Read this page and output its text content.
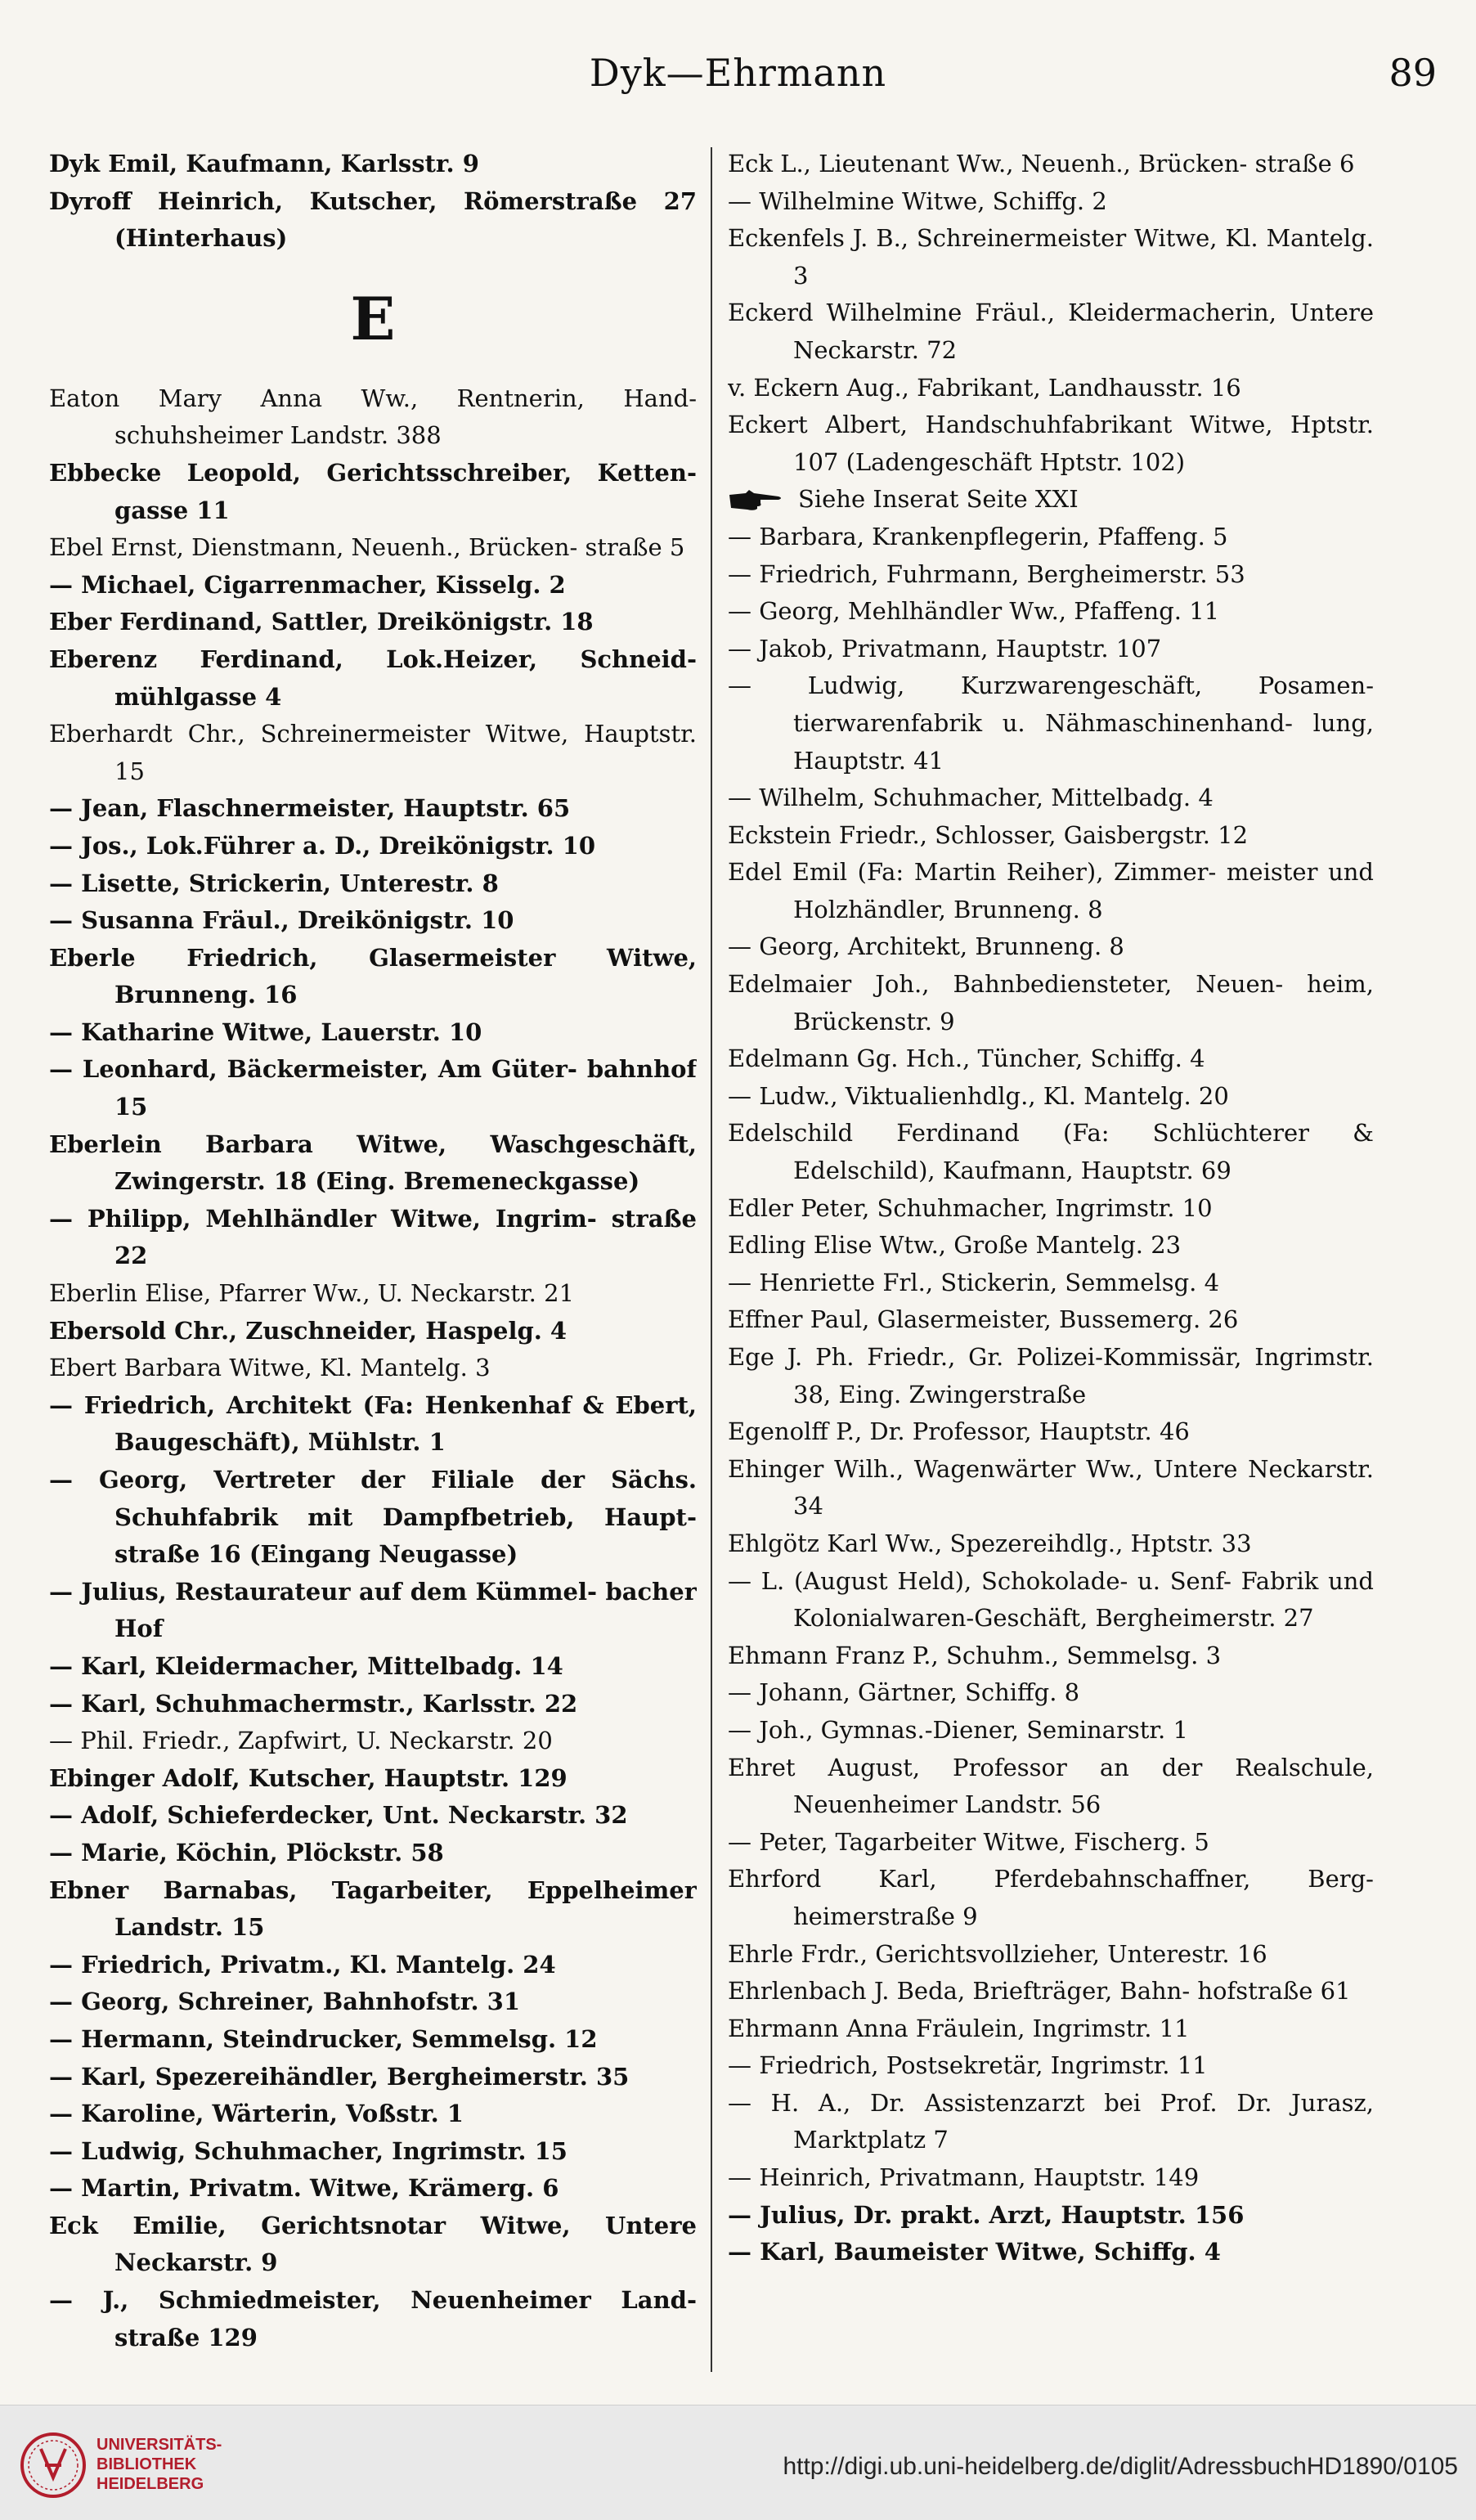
Dyk—Ehrmann	89
Dyk Emil, Kaufmann, Karlsstr. 9
Dyroff Heinrich, Kutscher, Römerstraße 27 (Hinterhaus)
E
Eaton Mary Anna Ww., Rentnerin, Hand- schuhsheimer Landstr. 388
Ebbecke Leopold, Gerichtsschreiber, Ketten- gasse 11
Ebel Ernst, Dienstmann, Neuenh., Brücken- straße 5
— Michael, Cigarrenmacher, Kisselg. 2
Eber Ferdinand, Sattler, Dreikönigstr. 18
Eberenz Ferdinand, Lok.Heizer, Schneid- mühlgasse 4
Eberhardt Chr., Schreinermeister Witwe, Hauptstr. 15
— Jean, Flaschnermeister, Hauptstr. 65
— Jos., Lok.Führer a. D., Dreikönigstr. 10
— Lisette, Strickerin, Unterestr. 8
— Susanna Fräul., Dreikönigstr. 10
Eberle Friedrich, Glasermeister Witwe, Brunneng. 16
— Katharine Witwe, Lauerstr. 10
— Leonhard, Bäckermeister, Am Güter- bahnhof 15
Eberlein Barbara Witwe, Waschgeschäft, Zwingerstr. 18 (Eing. Bremeneckgasse)
— Philipp, Mehlhändler Witwe, Ingrim- straße 22
Eberlin Elise, Pfarrer Ww., U. Neckarstr. 21
Ebersold Chr., Zuschneider, Haspelg. 4
Ebert Barbara Witwe, Kl. Mantelg. 3
— Friedrich, Architekt (Fa: Henkenhaf & Ebert, Baugeschäft), Mühlstr. 1
— Georg, Vertreter der Filiale der Sächs. Schuhfabrik mit Dampfbetrieb, Haupt- straße 16 (Eingang Neugasse)
— Julius, Restaurateur auf dem Kümmel- bacher Hof
— Karl, Kleidermacher, Mittelbadg. 14
— Karl, Schuhmachermstr., Karlsstr. 22
— Phil. Friedr., Zapfwirt, U. Neckarstr. 20
Ebinger Adolf, Kutscher, Hauptstr. 129
— Adolf, Schieferdecker, Unt. Neckarstr. 32
— Marie, Köchin, Plöckstr. 58
Ebner Barnabas, Tagarbeiter, Eppelheimer Landstr. 15
— Friedrich, Privatm., Kl. Mantelg. 24
— Georg, Schreiner, Bahnhofstr. 31
— Hermann, Steindrucker, Semmelsg. 12
— Karl, Spezereihändler, Bergheimerstr. 35
— Karoline, Wärterin, Voßstr. 1
— Ludwig, Schuhmacher, Ingrimstr. 15
— Martin, Privatm. Witwe, Krämerg. 6
Eck Emilie, Gerichtsnotar Witwe, Untere Neckarstr. 9
— J., Schmiedmeister, Neuenheimer Land- straße 129
Eck L., Lieutenant Ww., Neuenh., Brücken- straße 6
— Wilhelmine Witwe, Schiffg. 2
Eckenfels J. B., Schreinermeister Witwe, Kl. Mantelg. 3
Eckerd Wilhelmine Fräul., Kleidermacherin, Untere Neckarstr. 72
v. Eckern Aug., Fabrikant, Landhausstr. 16
Eckert Albert, Handschuhfabrikant Witwe, Hptstr. 107 (Ladengeschäft Hptstr. 102)
Siehe Inserat Seite XXI
— Barbara, Krankenpflegerin, Pfaffeng. 5
— Friedrich, Fuhrmann, Bergheimerstr. 53
— Georg, Mehlhändler Ww., Pfaffeng. 11
— Jakob, Privatmann, Hauptstr. 107
— Ludwig, Kurzwarengeschäft, Posamen- tierwarenfabrik u. Nähmaschinenhand- lung, Hauptstr. 41
— Wilhelm, Schuhmacher, Mittelbadg. 4
Eckstein Friedr., Schlosser, Gaisbergstr. 12
Edel Emil (Fa: Martin Reiher), Zimmer- meister und Holzhändler, Brunneng. 8
— Georg, Architekt, Brunneng. 8
Edelmaier Joh., Bahnbediensteter, Neuen- heim, Brückenstr. 9
Edelmann Gg. Hch., Tüncher, Schiffg. 4
— Ludw., Viktualienhdlg., Kl. Mantelg. 20
Edelschild Ferdinand (Fa: Schlüchterer & Edelschild), Kaufmann, Hauptstr. 69
Edler Peter, Schuhmacher, Ingrimstr. 10
Edling Elise Wtw., Große Mantelg. 23
— Henriette Frl., Stickerin, Semmelsg. 4
Effner Paul, Glasermeister, Bussemerg. 26
Ege J. Ph. Friedr., Gr. Polizei-Kommissär, Ingrimstr. 38, Eing. Zwingerstraße
Egenolff P., Dr. Professor, Hauptstr. 46
Ehinger Wilh., Wagenwärter Ww., Untere Neckarstr. 34
Ehlgötz Karl Ww., Spezereihdlg., Hptstr. 33
— L. (August Held), Schokolade- u. Senf- Fabrik und Kolonialwaren-Geschäft, Bergheimerstr. 27
Ehmann Franz P., Schuhm., Semmelsg. 3
— Johann, Gärtner, Schiffg. 8
— Joh., Gymnas.-Diener, Seminarstr. 1
Ehret August, Professor an der Realschule, Neuenheimer Landstr. 56
— Peter, Tagarbeiter Witwe, Fischerg. 5
Ehrford Karl, Pferdebahnschaffner, Berg- heimerstraße 9
Ehrle Frdr., Gerichtsvollzieher, Unterestr. 16
Ehrlenbach J. Beda, Briefträger, Bahn- hofstraße 61
Ehrmann Anna Fräulein, Ingrimstr. 11
— Friedrich, Postsekretär, Ingrimstr. 11
— H. A., Dr. Assistenzarzt bei Prof. Dr. Jurasz, Marktplatz 7
— Heinrich, Privatmann, Hauptstr. 149
— Julius, Dr. prakt. Arzt, Hauptstr. 156
— Karl, Baumeister Witwe, Schiffg. 4
UNIVERSITÄTS-
BIBLIOTHEK
HEIDELBERG
http://digi.ub.uni-heidelberg.de/diglit/AdressbuchHD1890/0105
